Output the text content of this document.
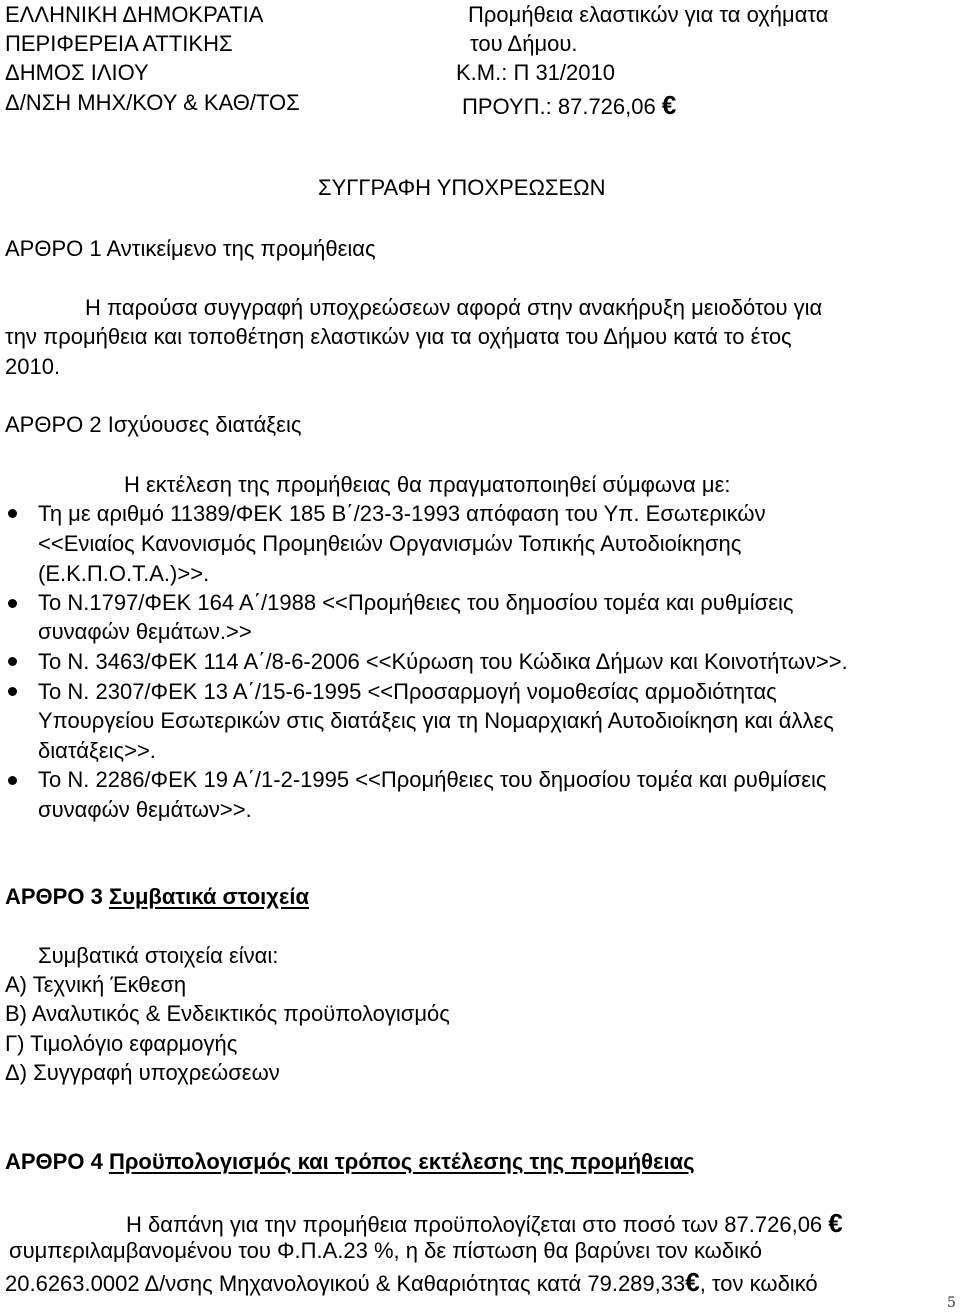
ΕΛΛΗΝΙΚΗ ΔΗΜΟΚΡΑΤΙΑ
ΠΕΡΙΦΕΡΕΙΑ ΑΤΤΙΚΗΣ
ΔΗΜΟΣ ΙΛΙΟΥ
Δ/ΝΣΗ ΜΗΧ/ΚΟΥ & ΚΑΘ/ΤΟΣ
Προμήθεια ελαστικών για τα οχήματα
του Δήμου.
Κ.Μ.: Π 31/2010
ΠΡΟΥΠ.: 87.726,06 €
ΣΥΓΓΡΑΦΗ ΥΠΟΧΡΕΩΣΕΩΝ
ΑΡΘΡΟ 1 Αντικείμενο της προμήθειας
Η παρούσα συγγραφή υποχρεώσεων αφορά στην ανακήρυξη μειοδότου για
την προμήθεια και τοποθέτηση ελαστικών για τα οχήματα του Δήμου κατά το έτος
2010.
ΑΡΘΡΟ 2 Ισχύουσες διατάξεις
Η εκτέλεση της προμήθειας θα πραγματοποιηθεί σύμφωνα με:
Τη με αριθμό 11389/ΦΕΚ 185 Β΄/23-3-1993 απόφαση του Υπ. Εσωτερικών
<<Ενιαίος Κανονισμός Προμηθειών Οργανισμών Τοπικής Αυτοδιοίκησης
(Ε.Κ.Π.Ο.Τ.Α.)>>.
Το Ν.1797/ΦΕΚ 164 Α΄/1988 <<Προμήθειες του δημοσίου τομέα και ρυθμίσεις
συναφών θεμάτων.>>
Το Ν. 3463/ΦΕΚ 114 Α΄/8-6-2006 <<Κύρωση του Κώδικα Δήμων και Κοινοτήτων>>.
Το Ν. 2307/ΦΕΚ 13 Α΄/15-6-1995 <<Προσαρμογή νομοθεσίας αρμοδιότητας
Υπουργείου Εσωτερικών στις διατάξεις για τη Νομαρχιακή Αυτοδιοίκηση και άλλες
διατάξεις>>.
Το Ν. 2286/ΦΕΚ 19 Α΄/1-2-1995 <<Προμήθειες του δημοσίου τομέα και ρυθμίσεις
συναφών θεμάτων>>.
ΑΡΘΡΟ 3 Συμβατικά στοιχεία
Συμβατικά στοιχεία είναι:
Α) Τεχνική Έκθεση
Β) Αναλυτικός & Ενδεικτικός προϋπολογισμός
Γ) Τιμολόγιο εφαρμογής
Δ) Συγγραφή υποχρεώσεων
ΑΡΘΡΟ 4 Προϋπολογισμός και τρόπος εκτέλεσης της προμήθειας
Η δαπάνη για την προμήθεια προϋπολογίζεται στο ποσό των 87.726,06 €
συμπεριλαμβανομένου του Φ.Π.Α.23 %, η δε πίστωση θα βαρύνει τον κωδικό
20.6263.0002 Δ/νσης Μηχανολογικού & Καθαριότητας κατά 79.289,33€, τον κωδικό
5
